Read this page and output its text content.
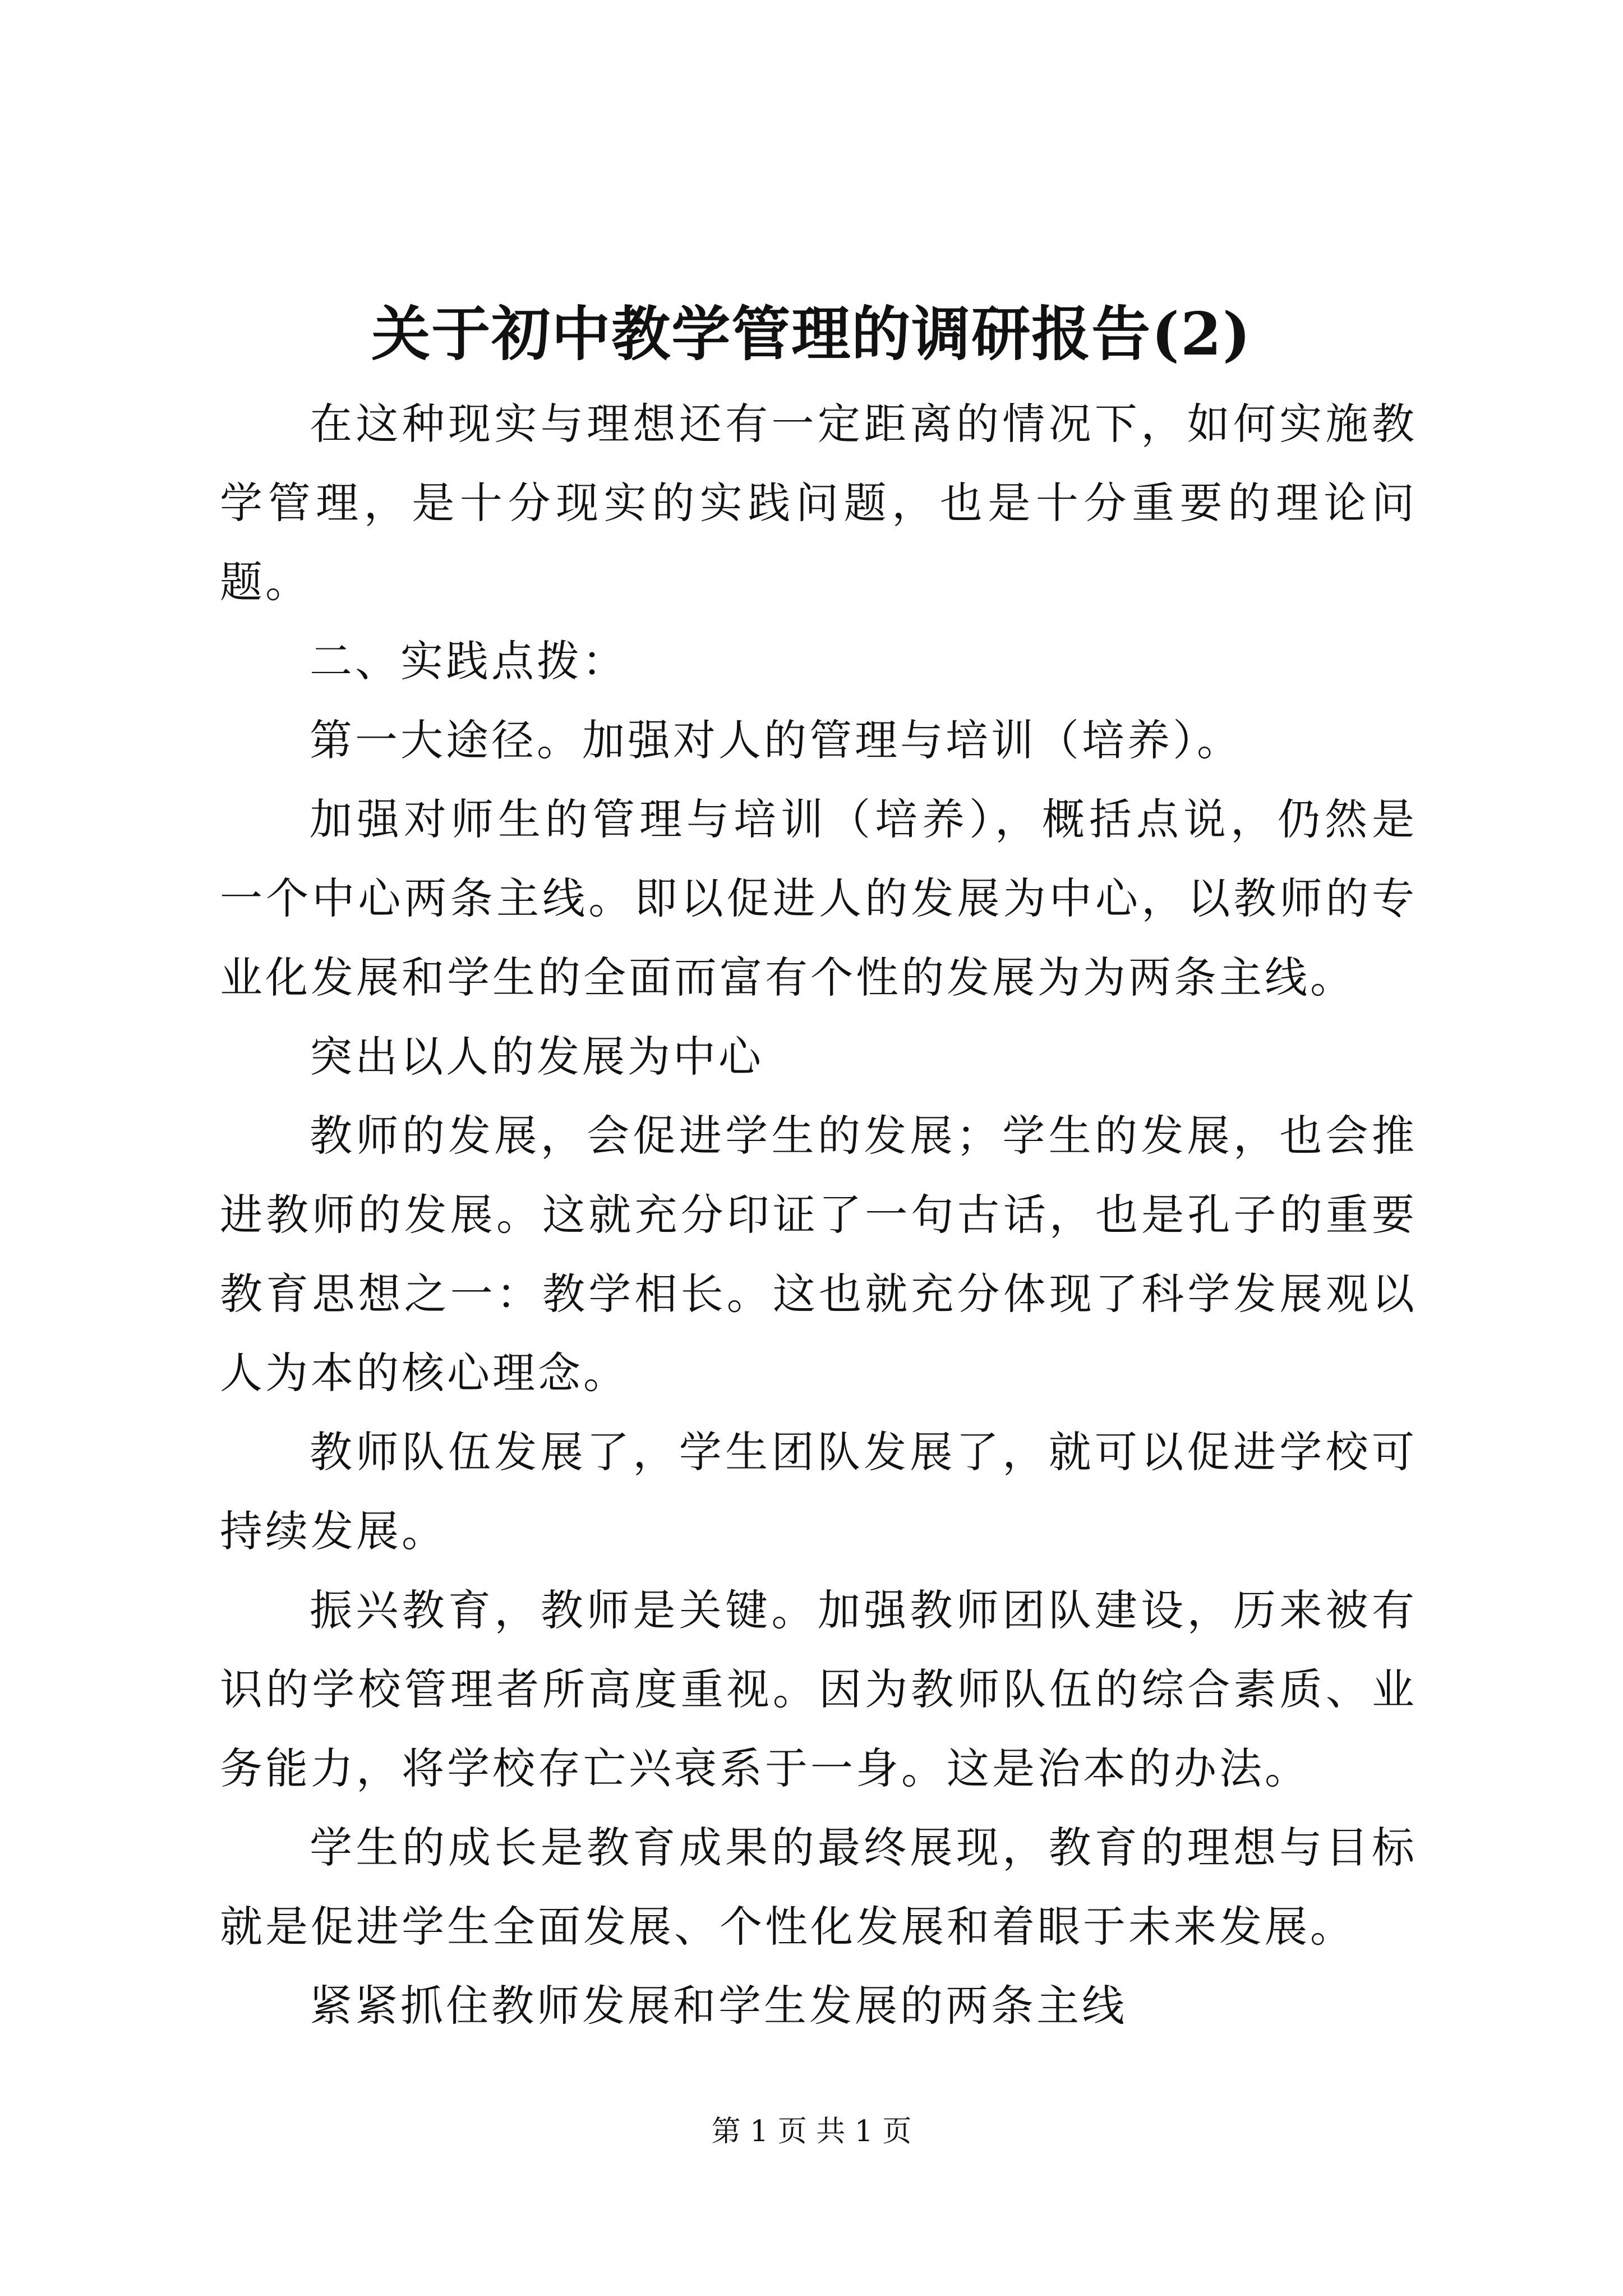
关于初中教学管理的调研报告(2)

在这种现实与理想还有一定距离的情况下，如何实施教学管理，是十分现实的实践问题，也是十分重要的理论问题。

二、实践点拨：

第一大途径。加强对人的管理与培训（培养）。

加强对师生的管理与培训（培养），概括点说，仍然是一个中心两条主线。即以促进人的发展为中心，以教师的专业化发展和学生的全面而富有个性的发展为为两条主线。

突出以人的发展为中心

教师的发展，会促进学生的发展；学生的发展，也会推进教师的发展。这就充分印证了一句古话，也是孔子的重要教育思想之一：教学相长。这也就充分体现了科学发展观以人为本的核心理念。

教师队伍发展了，学生团队发展了，就可以促进学校可持续发展。

振兴教育，教师是关键。加强教师团队建设，历来被有识的学校管理者所高度重视。因为教师队伍的综合素质、业务能力，将学校存亡兴衰系于一身。这是治本的办法。

学生的成长是教育成果的最终展现，教育的理想与目标就是促进学生全面发展、个性化发展和着眼于未来发展。

紧紧抓住教师发展和学生发展的两条主线

第 1 页 共 1 页
